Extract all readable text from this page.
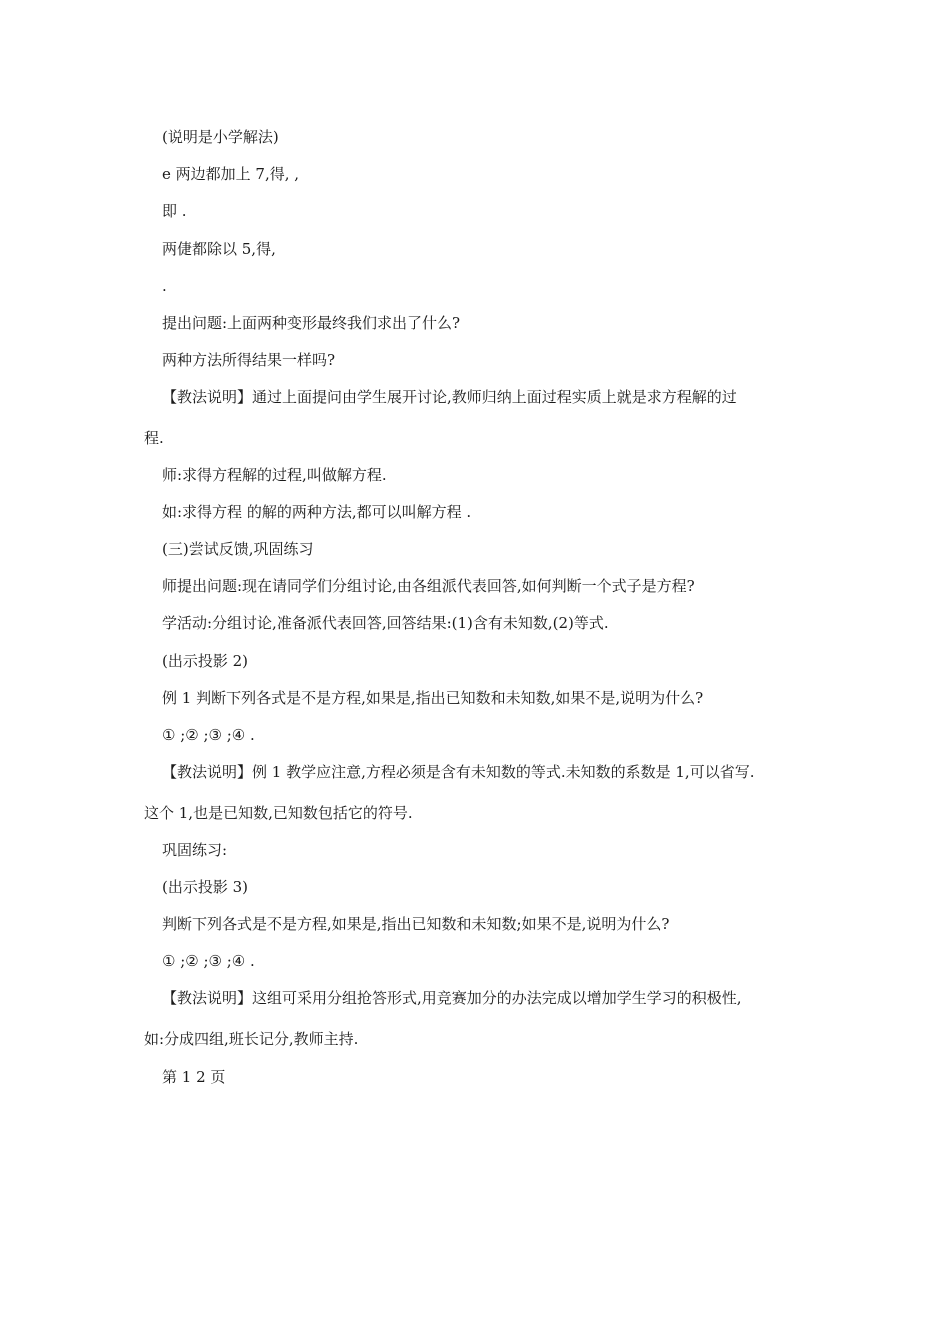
(说明是小学解法)
e 两边都加上 7,得, ,
即 .
两倢都除以 5,得,
.
提出问题:上面两种变形最终我们求出了什么?
两种方法所得结果一样吗?
【教法说明】通过上面提问由学生展开讨论,教师归纳上面过程实质上就是求方程解的过
程.
师:求得方程解的过程,叫做解方程.
如:求得方程 的解的两种方法,都可以叫解方程 .
(三)尝试反馈,巩固练习
师提出问题:现在请同学们分组讨论,由各组派代表回答,如何判断一个式子是方程?
学活动:分组讨论,准备派代表回答,回答结果:(1)含有未知数,(2)等式.
(出示投影 2)
例 1 判断下列各式是不是方程,如果是,指出已知数和未知数,如果不是,说明为什么?
① ;② ;③ ;④ .
【教法说明】例 1 教学应注意,方程必须是含有未知数的等式.未知数的系数是 1,可以省写.
这个 1,也是已知数,已知数包括它的符号.
巩固练习:
(出示投影 3)
判断下列各式是不是方程,如果是,指出已知数和未知数;如果不是,说明为什么?
① ;② ;③ ;④ .
【教法说明】这组可采用分组抢答形式,用竞赛加分的办法完成以增加学生学习的积极性,
如:分成四组,班长记分,教师主持.
第 1 2 页
